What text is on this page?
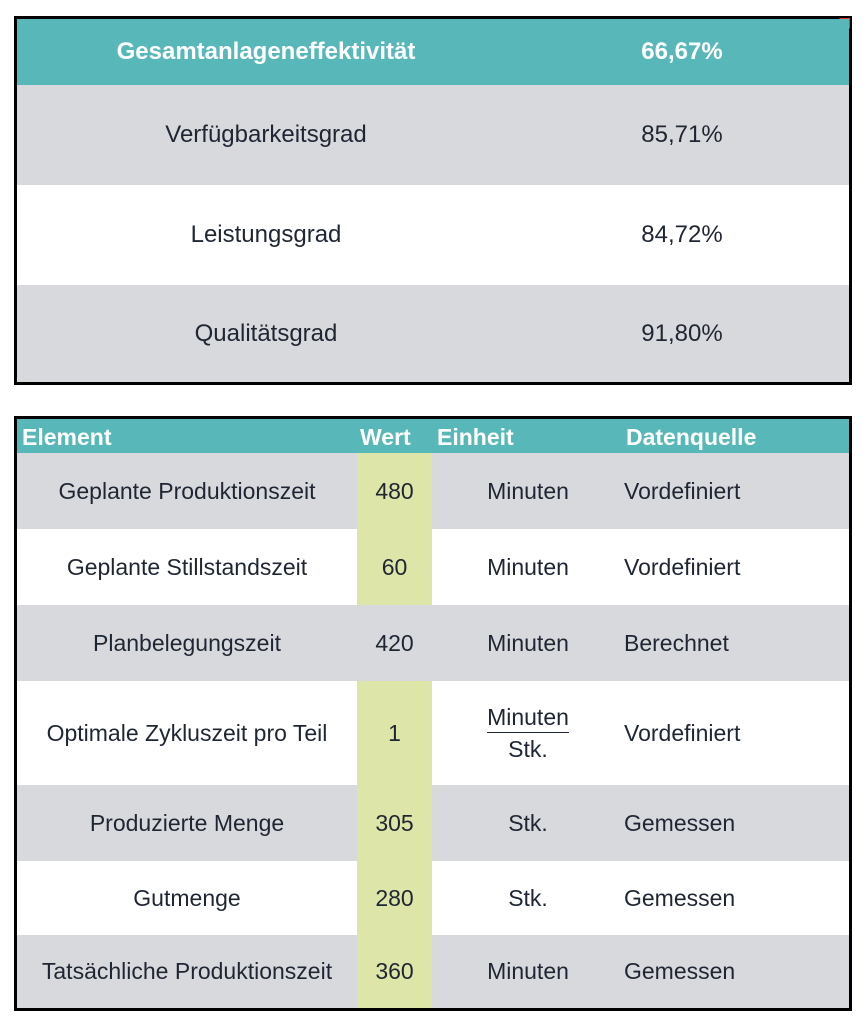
Gesamtanlageneffektivität	66,67%
Verfügbarkeitsgrad	85,71%
Leistungsgrad	84,72%
Qualitätsgrad	91,80%
Element	Wert Einheit	Datenquelle
Geplante Produktionszeit	480	Minuten	Vordefiniert
Geplante Stillstandszeit	60	Minuten	Vordefiniert
Planbelegungszeit	420	Minuten	Berechnet
Optimale Zykluszeit pro Teil	1	$\frac{\text{Minuten}}{\text{Stk.}}$ Vordefiniert
Produzierte Menge	305	Stk.	Gemessen
Gutmenge	280	Stk.	Gemessen
Tatsächliche Produktionszeit	360	Minuten	Gemessen
